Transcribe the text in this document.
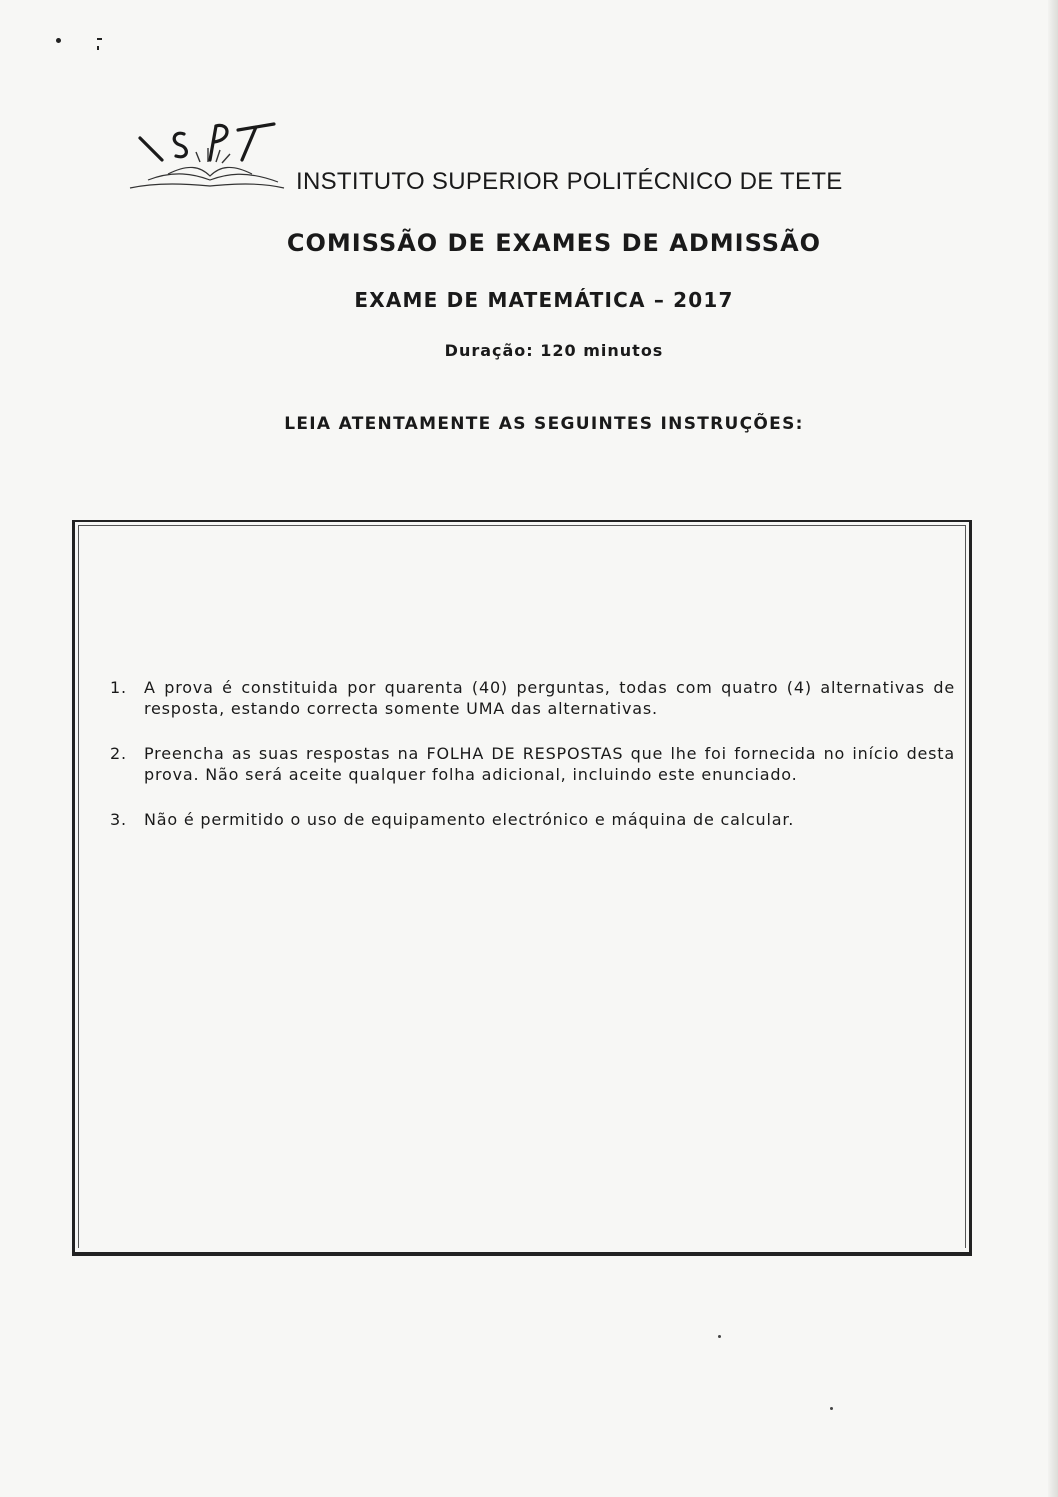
INSTITUTO SUPERIOR POLITÉCNICO DE TETE
COMISSÃO DE EXAMES DE ADMISSÃO
EXAME DE MATEMÁTICA – 2017
Duração: 120 minutos
LEIA ATENTAMENTE AS SEGUINTES INSTRUÇÕES:
1. A prova é constituida por quarenta (40) perguntas, todas com quatro (4) alternativas de resposta, estando correcta somente UMA das alternativas.
2. Preencha as suas respostas na FOLHA DE RESPOSTAS que lhe foi fornecida no início desta prova. Não será aceite qualquer folha adicional, incluindo este enunciado.
3. Não é permitido o uso de equipamento electrónico e máquina de calcular.
